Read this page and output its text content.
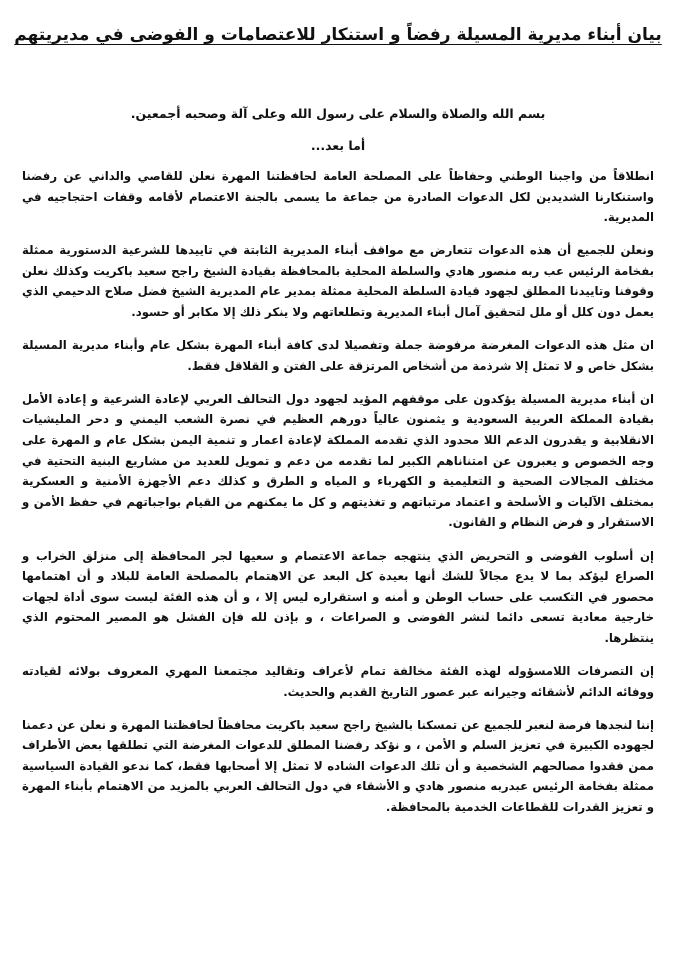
بيان أبناء مديرية المسيلة رفضاً و استنكار للاعتصامات و الفوضى في مديريتهم
بسم الله والصلاة والسلام على رسول الله وعلى آلة وصحبه أجمعين.
أما بعد...

انطلاقاً من واجبنا الوطني وحفاظاً على المصلحة العامة لحافظتنا المهرة نعلن للقاصي والداني عن رفضنا واستنكارنا الشديدين لكل الدعوات الصادرة من جماعة ما يسمى بالجنة الاعتصام لأقامه وقفات احتجاجيه في المديرية.

ونعلن للجميع أن هذه الدعوات تتعارض مع مواقف أبناء المديرية الثابتة في تاييدها للشرعية الدستورية ممثلة بفخامة الرئيس عب ربه منصور هادي والسلطة المحلية بالمحافظة بقيادة الشيخ راجح سعيد باكريت وكذلك نعلن وقوفنا وتاييدنا المطلق لجهود قيادة السلطة المحلية ممثلة بمدير عام المديرية الشيخ فضل صلاح الدحيمي الذي يعمل دون كلل أو ملل لتحقيق آمال أبناء المديرية وتطلعاتهم ولا ينكر ذلك إلا مكابر أو حسود.

ان مثل هذه الدعوات المغرضة مرفوضة جملة وتفصيلا لدى كافة أبناء المهرة بشكل عام وأبناء مديرية المسيلة بشكل خاص و لا تمثل إلا شرذمة من أشخاص المرتزقة على الفتن و القلاقل فقط.

ان أبناء مديرية المسيلة يؤكدون على موقفهم المؤيد لجهود دول التحالف العربي لإعادة الشرعية و إعادة الأمل بقيادة المملكة العربية السعودية و يثمنون عالياً دورهم العظيم في نصرة الشعب اليمني و دحر المليشيات الانقلابية و يقدرون الدعم اللا محدود الذي تقدمه المملكة لإعادة اعمار و تنمية اليمن بشكل عام و المهرة على وجه الخصوص و يعبرون عن امتناناهم الكبير لما تقدمه من دعم و تمويل للعديد من مشاريع البنية التحتية في مختلف المجالات الصحية و التعليمية و الكهرباء و المياه و الطرق و كذلك دعم الأجهزة الأمنية و العسكرية بمختلف الآليات و الأسلحة و اعتماد مرتباتهم و تغذيتهم و كل ما يمكنهم من القيام بواجباتهم في حفظ الأمن و الاستقرار و فرض النظام و القانون.

إن أسلوب الفوضى و التحريض الذي ينتهجه جماعة الاعتصام و سعيها لجر المحافظة إلى منزلق الخراب و الصراع ليؤكد بما لا يدع مجالاً للشك أنها بعيدة كل البعد عن الاهتمام بالمصلحة العامة للبلاد و أن اهتمامها محصور في التكسب على حساب الوطن و أمنه و استقراره ليس إلا ، و أن هذه الفئة ليست سوى أداة لجهات خارجية معادية تسعى دائما لنشر الفوضى و الصراعات ، و بإذن لله فإن الفشل هو المصير المحتوم الذي ينتظرها.

إن التصرفات اللامسؤوله لهذه الفئة مخالفة تمام لأعراف وتقاليد مجتمعنا المهري المعروف بولائه لقيادته ووفائه الدائم لأشقائه وجيرانه عبر عصور التاريخ القديم والحديث.

إننا لنجدها فرصة لنعبر للجميع عن تمسكنا بالشيخ راجح سعيد باكريت محافظاً لحافظتنا المهرة و نعلن عن دعمنا لجهوده الكبيرة في تعزيز السلم و الأمن ، و نؤكد رفضنا المطلق للدعوات المغرضة التي تطلقها بعض الأطراف ممن فقدوا مصالحهم الشخصية و أن تلك الدعوات الشاده لا تمثل إلا أصحابها فقط، كما ندعو القيادة السياسية ممثلة بفخامة الرئيس عبدربه منصور هادي و الأشقاء في دول التحالف العربي بالمزيد من الاهتمام بأبناء المهرة و تعزيز القدرات للقطاعات الخدمية بالمحافظة.
